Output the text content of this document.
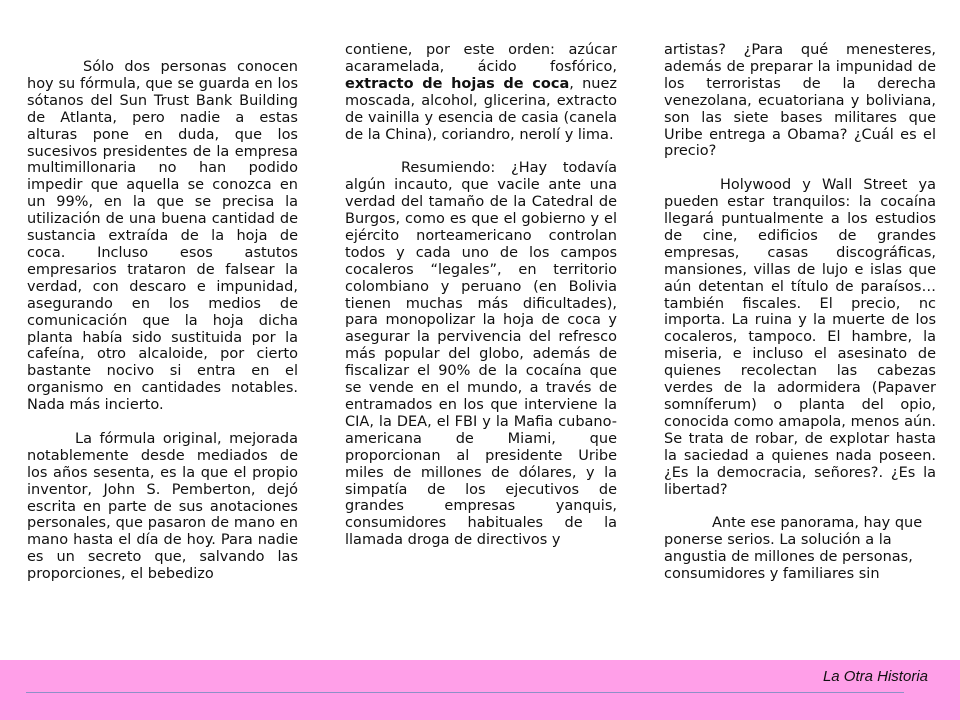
Sólo dos personas conocen hoy su fórmula, que se guarda en los sótanos del Sun Trust Bank Building de Atlanta, pero nadie a estas alturas pone en duda, que los sucesivos presidentes de la empresa multimillonaria no han podido impedir que aquella se conozca en un 99%, en la que se precisa la utilización de una buena cantidad de sustancia extraída de la hoja de coca. Incluso esos astutos empresarios trataron de falsear la verdad, con descaro e impunidad, asegurando en los medios de comunicación que la hoja dicha planta había sido sustituida por la cafeína, otro alcaloide, por cierto bastante nocivo si entra en el organismo en cantidades notables. Nada más incierto.

La fórmula original, mejorada notablemente desde mediados de los años sesenta, es la que el propio inventor, John S. Pemberton, dejó escrita en parte de sus anotaciones personales, que pasaron de mano en mano hasta el día de hoy. Para nadie es un secreto que, salvando las proporciones, el bebedizo

contiene, por este orden: azúcar acaramelada, ácido fosfórico, extracto de hojas de coca, nuez moscada, alcohol, glicerina, extracto de vainilla y esencia de casia (canela de la China), coriandro, nerolí y lima.

Resumiendo: ¿Hay todavía algún incauto, que vacile ante una verdad del tamaño de la Catedral de Burgos, como es que el gobierno y el ejército norteamericano controlan todos y cada uno de los campos cocaleros “legales”, en territorio colombiano y peruano (en Bolivia tienen muchas más dificultades), para monopolizar la hoja de coca y asegurar la pervivencia del refresco más popular del globo, además de fiscalizar el 90% de la cocaína que se vende en el mundo, a través de entramados en los que interviene la CIA, la DEA, el FBI y la Mafia cubano-americana de Miami, que proporcionan al presidente Uribe miles de millones de dólares, y la simpatía de los ejecutivos de grandes empresas yanquis, consumidores habituales de la llamada droga de directivos y

artistas? ¿Para qué menesteres, además de preparar la impunidad de los terroristas de la derecha venezolana, ecuatoriana y boliviana, son las siete bases militares que Uribe entrega a Obama? ¿Cuál es el precio?

Holywood y Wall Street ya pueden estar tranquilos: la cocaína llegará puntualmente a los estudios de cine, edificios de grandes empresas, casas discográficas, mansiones, villas de lujo e islas que aún detentan el título de paraísos… también fiscales. El precio, nc importa. La ruina y la muerte de los cocaleros, tampoco. El hambre, la miseria, e incluso el asesinato de quienes recolectan las cabezas verdes de la adormidera (Papaver somníferum) o planta del opio, conocida como amapola, menos aún. Se trata de robar, de explotar hasta la saciedad a quienes nada poseen. ¿Es la democracia, señores?. ¿Es la libertad?

Ante ese panorama, hay que ponerse serios. La solución a la angustia de millones de personas, consumidores y familiares sin

La Otra Historia
